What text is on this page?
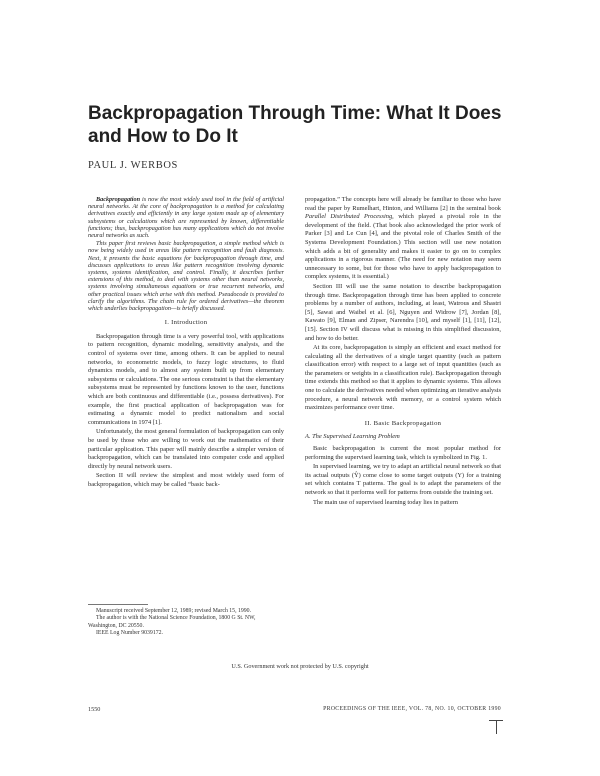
Backpropagation Through Time: What It Does and How to Do It
PAUL J. WERBOS

Backpropagation is now the most widely used tool in the field of artificial neural networks. At the core of backpropagation is a method for calculating derivatives exactly and efficiently in any large system made up of elementary subsystems or calculations which are represented by known, differentiable functions; thus, backpropagation has many applications which do not involve neural networks as such.

This paper first reviews basic backpropagation, a simple method which is now being widely used in areas like pattern recognition and fault diagnosis. Next, it presents the basic equations for backpropagation through time, and discusses applications to areas like pattern recognition involving dynamic systems, systems identification, and control. Finally, it describes further extensions of this method, to deal with systems other than neural networks, systems involving simultaneous equations or true recurrent networks, and other practical issues which arise with this method. Pseudocode is provided to clarify the algorithms. The chain rule for ordered derivatives—the theorem which underlies backpropagation—is briefly discussed.

I. Introduction

Backpropagation through time is a very powerful tool, with applications to pattern recognition, dynamic modeling, sensitivity analysis, and the control of systems over time, among others. It can be applied to neural networks, to econometric models, to fuzzy logic structures, to fluid dynamics models, and to almost any system built up from elementary subsystems or calculations. The one serious constraint is that the elementary subsystems must be represented by functions known to the user, functions which are both continuous and differentiable (i.e., possess derivatives). For example, the first practical application of backpropagation was for estimating a dynamic model to predict nationalism and social communications in 1974 [1].

Unfortunately, the most general formulation of backpropagation can only be used by those who are willing to work out the mathematics of their particular application. This paper will mainly describe a simpler version of backpropagation, which can be translated into computer code and applied directly by neural network users.

Section II will review the simplest and most widely used form of backpropagation, which may be called “basic back-

Manuscript received September 12, 1989; revised March 15, 1990.

The author is with the National Science Foundation, 1800 G St. NW, Washington, DC 20550.

IEEE Log Number 9039172.

propagation.” The concepts here will already be familiar to those who have read the paper by Rumelhart, Hinton, and Williams [2] in the seminal book Parallel Distributed Processing, which played a pivotal role in the development of the field. (That book also acknowledged the prior work of Parker [3] and Le Cun [4], and the pivotal role of Charles Smith of the Systems Development Foundation.) This section will use new notation which adds a bit of generality and makes it easier to go on to complex applications in a rigorous manner. (The need for new notation may seem unnecessary to some, but for those who have to apply backpropagation to complex systems, it is essential.)

Section III will use the same notation to describe backpropagation through time. Backpropagation through time has been applied to concrete problems by a number of authors, including, at least, Watrous and Shastri [5], Sawai and Waibel et al. [6], Nguyen and Widrow [7], Jordan [8], Kawato [9], Elman and Zipser, Narendra [10], and myself [1], [11], [12], [15]. Section IV will discuss what is missing in this simplified discussion, and how to do better.

At its core, backpropagation is simply an efficient and exact method for calculating all the derivatives of a single target quantity (such as pattern classification error) with respect to a large set of input quantities (such as the parameters or weights in a classification rule). Backpropagation through time extends this method so that it applies to dynamic systems. This allows one to calculate the derivatives needed when optimizing an iterative analysis procedure, a neural network with memory, or a control system which maximizes performance over time.

II. Basic Backpropagation

A. The Supervised Learning Problem

Basic backpropagation is current the most popular method for performing the supervised learning task, which is symbolized in Fig. 1.

In supervised learning, we try to adapt an artificial neural network so that its actual outputs (Ŷ) come close to some target outputs (Y) for a training set which contains T patterns. The goal is to adapt the parameters of the network so that it performs well for patterns from outside the training set.

The main use of supervised learning today lies in pattern

U.S. Government work not protected by U.S. copyright
1550	PROCEEDINGS OF THE IEEE, VOL. 78, NO. 10, OCTOBER 1990
